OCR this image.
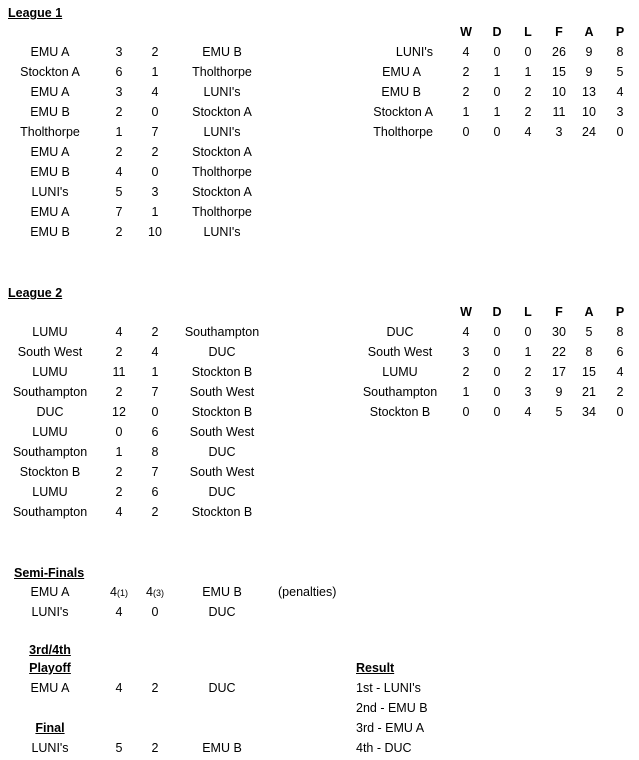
League 1
W D L F A P
EMU A	3 2	EMU B
Stockton A	6 1	Tholthorpe
EMU A	3 4	LUNI's
EMU B	2 0	Stockton A
Tholthorpe	1 7	LUNI's
EMU A	2 2	Stockton A
EMU B	4 0	Tholthorpe
LUNI's	5 3	Stockton A
EMU A	7 1	Tholthorpe
EMU B	2 10	LUNI's
LUNI's 4 0 0 26 9 8
EMU A	2 1 1 15 9 5
EMU B	2 0 2 10 13 4
Stockton A 1 1 2 11 10 3
Tholthorpe 0 0 4 3 24 0
League 2
W D L F A P
LUMU	4 2 Southampton
South West	2 4	DUC
LUMU	11 1	Stockton B
Southampton 2 7	South West
DUC	12 0	Stockton B
LUMU	0 6	South West
Southampton 1 8	DUC
Stockton B	2 7	South West
LUMU	2 6	DUC
Southampton 4 2	Stockton B
DUC	4 0 0 30 5 8
South West 3 0 1 22 8 6
LUMU	2 0 2 17 15 4
Southampton 1 0 3 9 21 2
Stockton B	0 0 4 5 34 0
Semi-Finals
EMU A	4(1) 4(3)	EMU B	(penalties)
LUNI's	4 0	DUC
3rd/4th
Playoff
EMU A	4 2	DUC
Final
LUNI's	5 2	EMU B
Result
1st - LUNI's
2nd - EMU B
3rd - EMU A
4th - DUC
